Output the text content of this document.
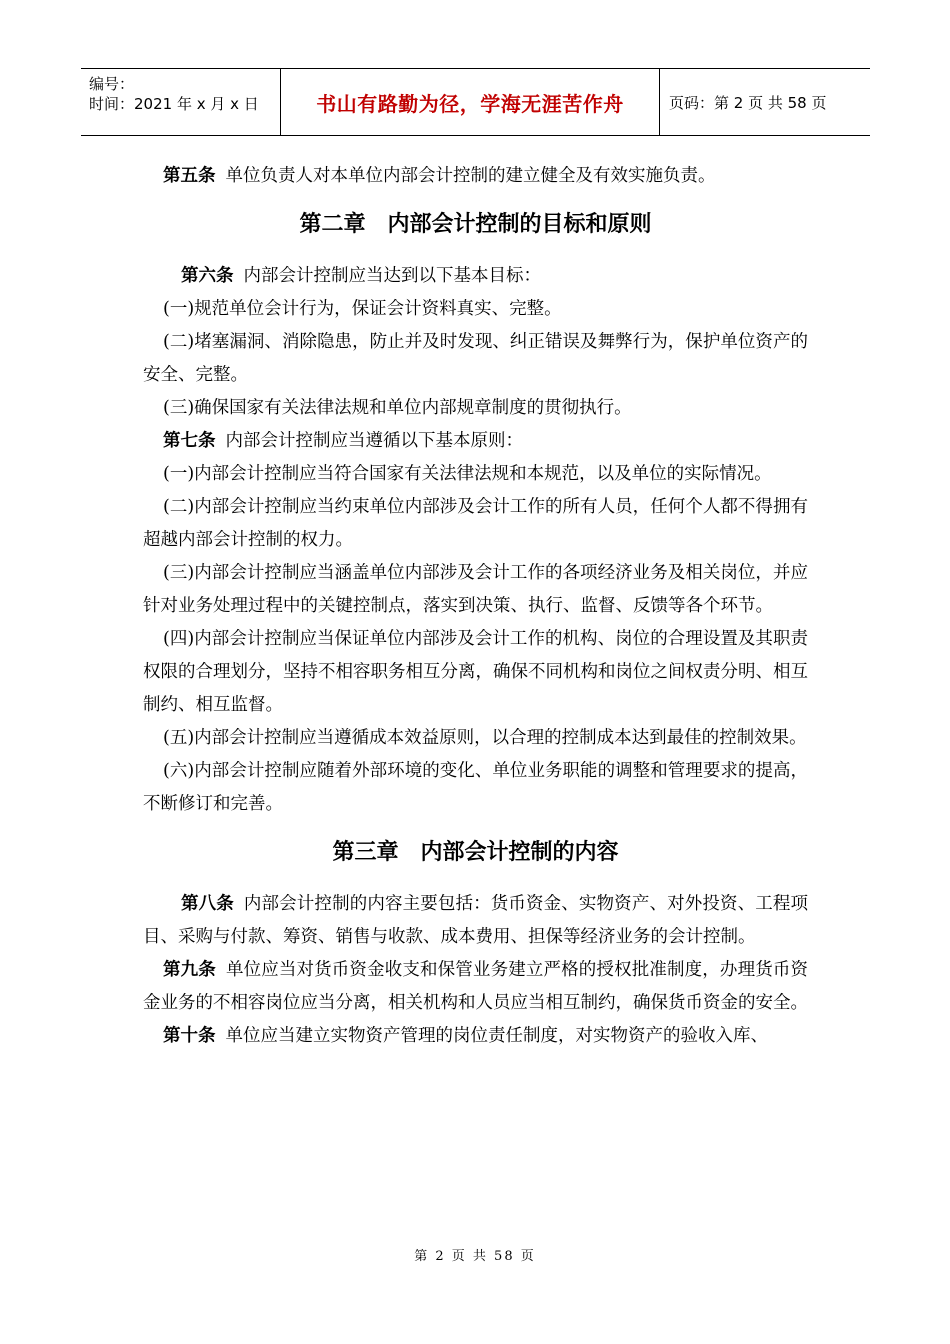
编号：
时间：2021 年 x 月 x 日	书山有路勤为径，学海无涯苦作舟	页码：第 2 页 共 58 页

第五条 单位负责人对本单位内部会计控制的建立健全及有效实施负责。

第二章　内部会计控制的目标和原则

第六条 内部会计控制应当达到以下基本目标：

(一)规范单位会计行为，保证会计资料真实、完整。

(二)堵塞漏洞、消除隐患，防止并及时发现、纠正错误及舞弊行为，保护单位资产的安全、完整。

(三)确保国家有关法律法规和单位内部规章制度的贯彻执行。

第七条 内部会计控制应当遵循以下基本原则：

(一)内部会计控制应当符合国家有关法律法规和本规范，以及单位的实际情况。

(二)内部会计控制应当约束单位内部涉及会计工作的所有人员，任何个人都不得拥有超越内部会计控制的权力。

(三)内部会计控制应当涵盖单位内部涉及会计工作的各项经济业务及相关岗位，并应针对业务处理过程中的关键控制点，落实到决策、执行、监督、反馈等各个环节。

(四)内部会计控制应当保证单位内部涉及会计工作的机构、岗位的合理设置及其职责权限的合理划分，坚持不相容职务相互分离，确保不同机构和岗位之间权责分明、相互制约、相互监督。

(五)内部会计控制应当遵循成本效益原则，以合理的控制成本达到最佳的控制效果。

(六)内部会计控制应随着外部环境的变化、单位业务职能的调整和管理要求的提高，不断修订和完善。

第三章　内部会计控制的内容

第八条 内部会计控制的内容主要包括：货币资金、实物资产、对外投资、工程项目、采购与付款、筹资、销售与收款、成本费用、担保等经济业务的会计控制。

第九条 单位应当对货币资金收支和保管业务建立严格的授权批准制度，办理货币资金业务的不相容岗位应当分离，相关机构和人员应当相互制约，确保货币资金的安全。

第十条 单位应当建立实物资产管理的岗位责任制度，对实物资产的验收入库、

第 2 页 共 58 页
